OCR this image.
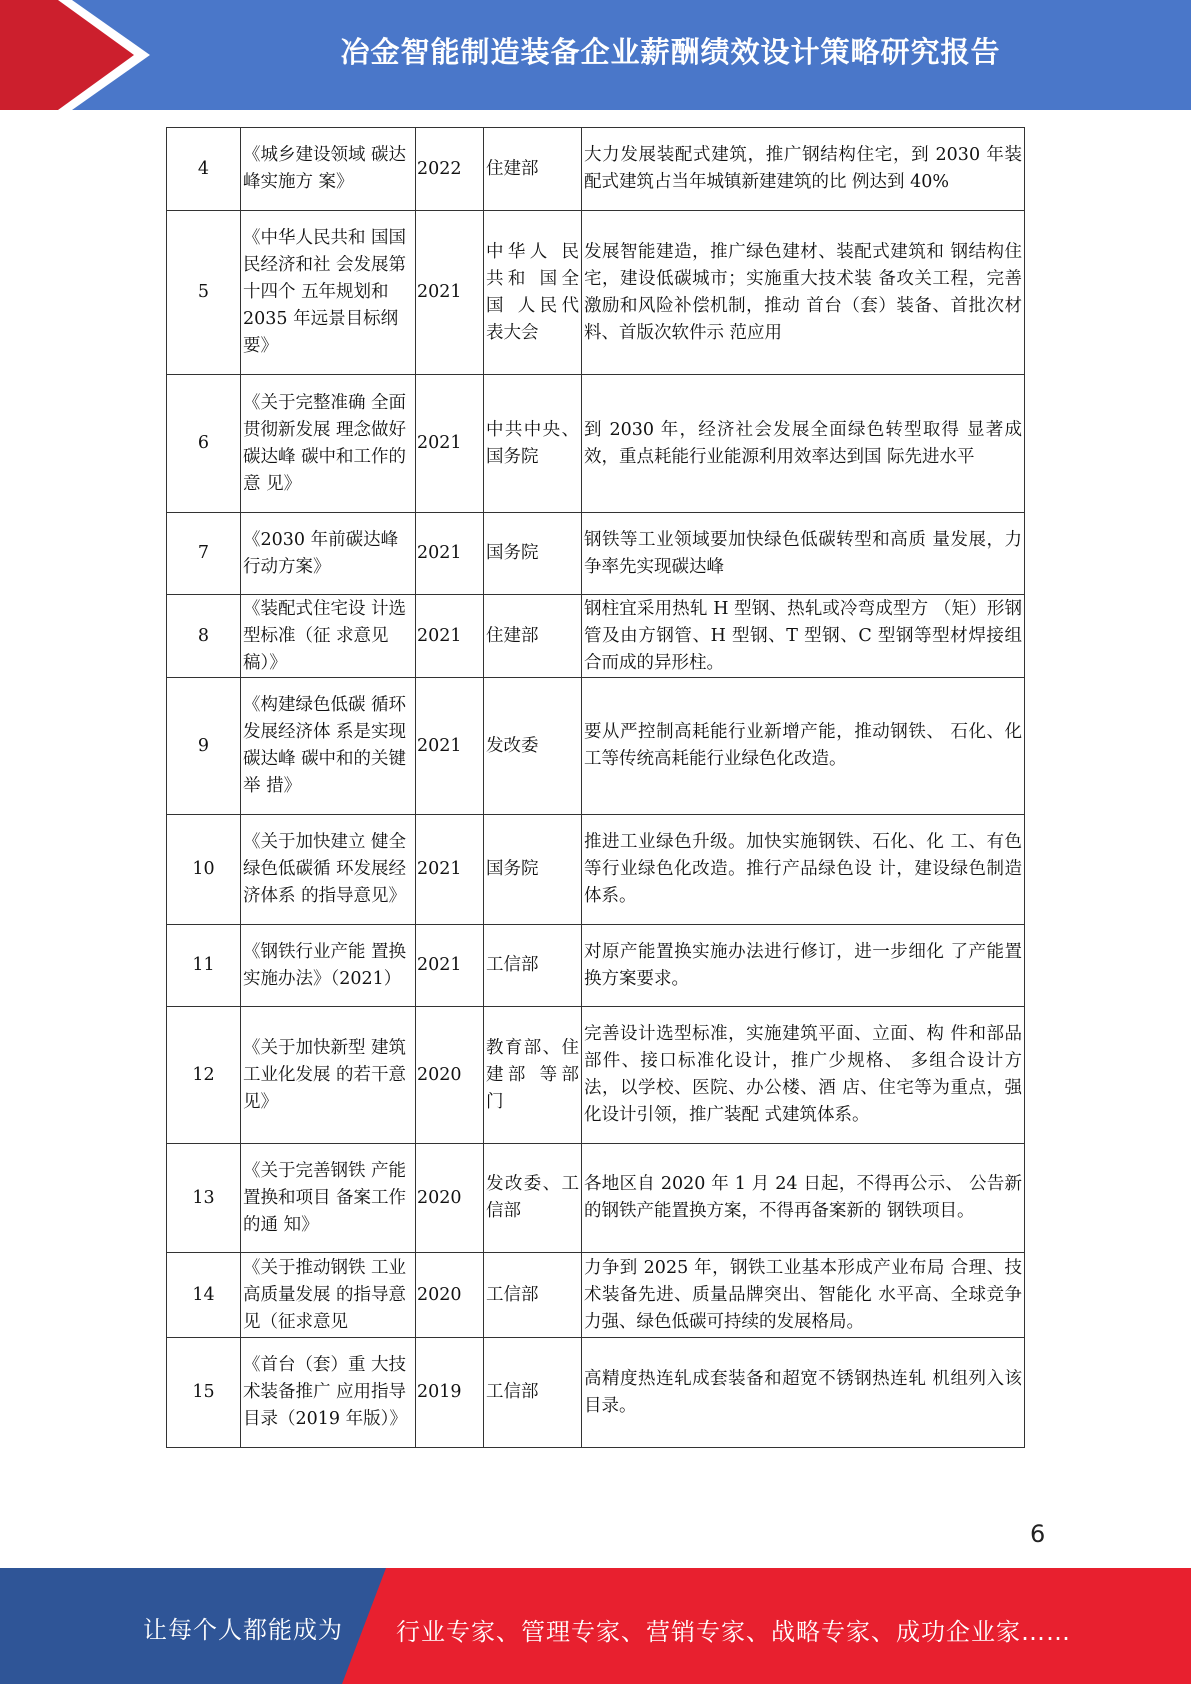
冶金智能制造装备企业薪酬绩效设计策略研究报告
4	《城乡建设领域 碳达峰实施方 案》	2022	住建部	大力发展装配式建筑，推广钢结构住宅，到 2030 年装配式建筑占当年城镇新建建筑的比 例达到 40%
5	《中华人民共和 国国民经济和社 会发展第十四个 五年规划和 2035 年远景目标纲要》	2021	中华人 民共和 国全国 人民代表大会	发展智能建造，推广绿色建材、装配式建筑和 钢结构住宅，建设低碳城市；实施重大技术装 备攻关工程，完善激励和风险补偿机制，推动 首台（套）装备、首批次材料、首版次软件示 范应用
6	《关于完整准确 全面贯彻新发展 理念做好碳达峰 碳中和工作的意 见》	2021	中共中央、国务院	到 2030 年，经济社会发展全面绿色转型取得 显著成效，重点耗能行业能源利用效率达到国 际先进水平
7	《2030 年前碳达峰行动方案》	2021	国务院	钢铁等工业领域要加快绿色低碳转型和高质 量发展，力争率先实现碳达峰
8	《装配式住宅设 计选型标准（征 求意见稿）》	2021	住建部	钢柱宜采用热轧 H 型钢、热轧或冷弯成型方 （矩）形钢管及由方钢管、H 型钢、T 型钢、C 型钢等型材焊接组合而成的异形柱。
9	《构建绿色低碳 循环发展经济体 系是实现碳达峰 碳中和的关键举 措》	2021	发改委	要从严控制高耗能行业新增产能，推动钢铁、 石化、化工等传统高耗能行业绿色化改造。
10	《关于加快建立 健全绿色低碳循 环发展经济体系 的指导意见》	2021	国务院	推进工业绿色升级。加快实施钢铁、石化、化 工、有色等行业绿色化改造。推行产品绿色设 计，建设绿色制造体系。
11	《钢铁行业产能 置换实施办法》（2021）	2021	工信部	对原产能置换实施办法进行修订，进一步细化 了产能置换方案要求。
12	《关于加快新型 建筑工业化发展 的若干意见》	2020	教育部、住建部 等部门	完善设计选型标准，实施建筑平面、立面、构 件和部品部件、接口标准化设计，推广少规格、 多组合设计方法，以学校、医院、办公楼、酒 店、住宅等为重点，强化设计引领，推广装配 式建筑体系。
13	《关于完善钢铁 产能置换和项目 备案工作的通 知》	2020	发改委、工信部	各地区自 2020 年 1 月 24 日起，不得再公示、 公告新的钢铁产能置换方案，不得再备案新的 钢铁项目。
14	《关于推动钢铁 工业高质量发展 的指导意见（征求意见	2020	工信部	力争到 2025 年，钢铁工业基本形成产业布局 合理、技术装备先进、质量品牌突出、智能化 水平高、全球竞争力强、绿色低碳可持续的发展格局。
15	《首台（套）重 大技术装备推广 应用指导目录（2019 年版）》	2019	工信部	高精度热连轧成套装备和超宽不锈钢热连轧 机组列入该目录。
6
让每个人都能成为 行业专家、管理专家、营销专家、战略专家、成功企业家……
